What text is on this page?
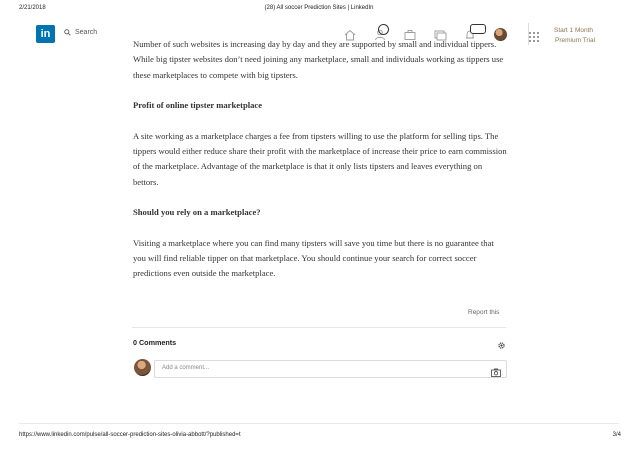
2/21/2018	(28) All soccer Prediction Sites | LinkedIn
in	Search	Start 1 Month
Premium Trial

Number of such websites is increasing day by day and they are supported by small and individual tippers. While big tipster websites don’t need joining any marketplace, small and individuals working as tippers use these marketplaces to compete with big tipsters.

Profit of online tipster marketplace

A site working as a marketplace charges a fee from tipsters willing to use the platform for selling tips. The tippers would either reduce share their profit with the marketplace of increase their price to earn commission of the marketplace. Advantage of the marketplace is that it only lists tipsters and leaves everything on bettors.

Should you rely on a marketplace?

Visiting a marketplace where you can find many tipsters will save you time but there is no guarantee that you will find reliable tipper on that marketplace. You should continue your search for correct soccer predictions even outside the marketplace.

Report this
0 Comments
Add a comment...
https://www.linkedin.com/pulse/all-soccer-prediction-sites-olivia-abbott/?published=t	3/4
